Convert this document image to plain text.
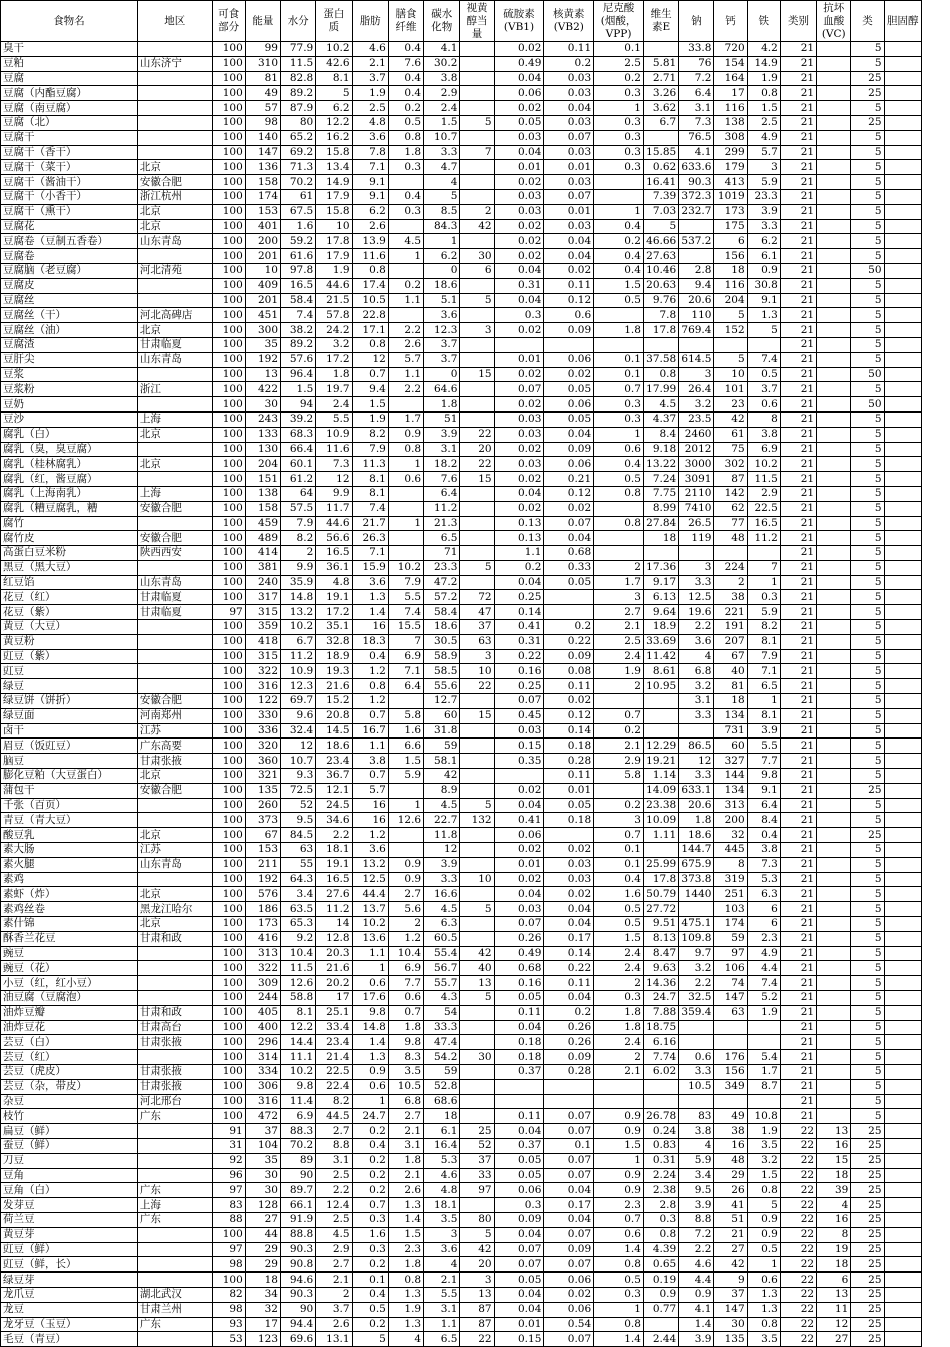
食物名	地区	可食部分	能量	水分	蛋白质	脂肪	膳食纤维	碳水化物	视黄醇当量	硫胺素(VB1)	核黄素(VB2)	尼克酸(烟酸，VPP)	维生素E	钠	钙	铁	类别	抗坏血酸(VC)	类	胆固醇
臭干		100	99	77.9	10.2	4.6	0.4	4.1		0.02	0.11	0.1		33.8	720	4.2	21		5	
豆粕	山东济宁	100	310	11.5	42.6	2.1	7.6	30.2		0.49	0.2	2.5	5.81	76	154	14.9	21		5	
豆腐		100	81	82.8	8.1	3.7	0.4	3.8		0.04	0.03	0.2	2.71	7.2	164	1.9	21		25	
豆腐（内酯豆腐）		100	49	89.2	5	1.9	0.4	2.9		0.06	0.03	0.3	3.26	6.4	17	0.8	21		25	
豆腐（南豆腐）		100	57	87.9	6.2	2.5	0.2	2.4		0.02	0.04	1	3.62	3.1	116	1.5	21		5	
豆腐（北）		100	98	80	12.2	4.8	0.5	1.5	5	0.05	0.03	0.3	6.7	7.3	138	2.5	21		25	
豆腐干		100	140	65.2	16.2	3.6	0.8	10.7		0.03	0.07	0.3		76.5	308	4.9	21		5	
豆腐干（香干）		100	147	69.2	15.8	7.8	1.8	3.3	7	0.04	0.03	0.3	15.85	4.1	299	5.7	21		5	
豆腐干（菜干）	北京	100	136	71.3	13.4	7.1	0.3	4.7		0.01	0.01	0.3	0.62	633.6	179	3	21		5	
豆腐干（酱油干）	安徽合肥	100	158	70.2	14.9	9.1		4		0.02	0.03		16.41	90.3	413	5.9	21		5	
豆腐干（小香干）	浙江杭州	100	174	61	17.9	9.1	0.4	5		0.03	0.07		7.39	372.3	1019	23.3	21		5	
豆腐干（熏干）	北京	100	153	67.5	15.8	6.2	0.3	8.5	2	0.03	0.01	1	7.03	232.7	173	3.9	21		5	
豆腐花	北京	100	401	1.6	10	2.6		84.3	42	0.02	0.03	0.4	5		175	3.3	21		5	
豆腐卷（豆制五香卷）	山东青岛	100	200	59.2	17.8	13.9	4.5	1		0.02	0.04	0.2	46.66	537.2	6	6.2	21		5	
豆腐卷		100	201	61.6	17.9	11.6	1	6.2	30	0.02	0.04	0.4	27.63		156	6.1	21		5	
豆腐脑（老豆腐）	河北清苑	100	10	97.8	1.9	0.8		0	6	0.04	0.02	0.4	10.46	2.8	18	0.9	21		50	
豆腐皮		100	409	16.5	44.6	17.4	0.2	18.6		0.31	0.11	1.5	20.63	9.4	116	30.8	21		5	
豆腐丝		100	201	58.4	21.5	10.5	1.1	5.1	5	0.04	0.12	0.5	9.76	20.6	204	9.1	21		5	
豆腐丝（干）	河北高碑店	100	451	7.4	57.8	22.8		3.6		0.3	0.6		7.8	110	5	1.3	21		5	
豆腐丝（油）	北京	100	300	38.2	24.2	17.1	2.2	12.3	3	0.02	0.09	1.8	17.8	769.4	152	5	21		5	
豆腐渣	甘肃临夏	100	35	89.2	3.2	0.8	2.6	3.7									21		5	
豆肝尖	山东青岛	100	192	57.6	17.2	12	5.7	3.7		0.01	0.06	0.1	37.58	614.5	5	7.4	21		5	
豆浆		100	13	96.4	1.8	0.7	1.1	0	15	0.02	0.02	0.1	0.8	3	10	0.5	21		50	
豆浆粉	浙江	100	422	1.5	19.7	9.4	2.2	64.6		0.07	0.05	0.7	17.99	26.4	101	3.7	21		5	
豆奶		100	30	94	2.4	1.5		1.8		0.02	0.06	0.3	4.5	3.2	23	0.6	21		50	
豆沙	上海	100	243	39.2	5.5	1.9	1.7	51		0.03	0.05	0.3	4.37	23.5	42	8	21		5	
腐乳（白）	北京	100	133	68.3	10.9	8.2	0.9	3.9	22	0.03	0.04	1	8.4	2460	61	3.8	21		5	
腐乳（臭，臭豆腐）		100	130	66.4	11.6	7.9	0.8	3.1	20	0.02	0.09	0.6	9.18	2012	75	6.9	21		5	
腐乳（桂林腐乳）	北京	100	204	60.1	7.3	11.3	1	18.2	22	0.03	0.06	0.4	13.22	3000	302	10.2	21		5	
腐乳（红，酱豆腐）		100	151	61.2	12	8.1	0.6	7.6	15	0.02	0.21	0.5	7.24	3091	87	11.5	21		5	
腐乳（上海南乳）	上海	100	138	64	9.9	8.1		6.4		0.04	0.12	0.8	7.75	2110	142	2.9	21		5	
腐乳（糟豆腐乳，糟	安徽合肥	100	158	57.5	11.7	7.4		11.2		0.02	0.02		8.99	7410	62	22.5	21		5	
腐竹		100	459	7.9	44.6	21.7	1	21.3		0.13	0.07	0.8	27.84	26.5	77	16.5	21		5	
腐竹皮	安徽合肥	100	489	8.2	56.6	26.3		6.5		0.13	0.04		18	119	48	11.2	21		5	
高蛋白豆米粉	陕西西安	100	414	2	16.5	7.1		71		1.1	0.68						21		5	
黑豆（黑大豆）		100	381	9.9	36.1	15.9	10.2	23.3	5	0.2	0.33	2	17.36	3	224	7	21		5	
红豆馅	山东青岛	100	240	35.9	4.8	3.6	7.9	47.2		0.04	0.05	1.7	9.17	3.3	2	1	21		5	
花豆（红）	甘肃临夏	100	317	14.8	19.1	1.3	5.5	57.2	72	0.25		3	6.13	12.5	38	0.3	21		5	
花豆（紫）	甘肃临夏	97	315	13.2	17.2	1.4	7.4	58.4	47	0.14		2.7	9.64	19.6	221	5.9	21		5	
黄豆（大豆）		100	359	10.2	35.1	16	15.5	18.6	37	0.41	0.2	2.1	18.9	2.2	191	8.2	21		5	
黄豆粉		100	418	6.7	32.8	18.3	7	30.5	63	0.31	0.22	2.5	33.69	3.6	207	8.1	21		5	
豇豆（紫）		100	315	11.2	18.9	0.4	6.9	58.9	3	0.22	0.09	2.4	11.42	4	67	7.9	21		5	
豇豆		100	322	10.9	19.3	1.2	7.1	58.5	10	0.16	0.08	1.9	8.61	6.8	40	7.1	21		5	
绿豆		100	316	12.3	21.6	0.8	6.4	55.6	22	0.25	0.11	2	10.95	3.2	81	6.5	21		5	
绿豆饼（饼折）	安徽合肥	100	122	69.7	15.2	1.2		12.7		0.07	0.02			3.1	18	1	21		5	
绿豆面	河南郑州	100	330	9.6	20.8	0.7	5.8	60	15	0.45	0.12	0.7		3.3	134	8.1	21		5	
卤干	江苏	100	336	32.4	14.5	16.7	1.6	31.8		0.03	0.14	0.2			731	3.9	21		5	
眉豆（饭豇豆）	广东高要	100	320	12	18.6	1.1	6.6	59		0.15	0.18	2.1	12.29	86.5	60	5.5	21		5	
脑豆	甘肃张掖	100	360	10.7	23.4	3.8	1.5	58.1		0.35	0.28	2.9	19.21	12	327	7.7	21		5	
膨化豆粕（大豆蛋白）	北京	100	321	9.3	36.7	0.7	5.9	42			0.11	5.8	1.14	3.3	144	9.8	21		5	
蒲包干	安徽合肥	100	135	72.5	12.1	5.7		8.9		0.02	0.01		14.09	633.1	134	9.1	21		25	
千张（百页）		100	260	52	24.5	16	1	4.5	5	0.04	0.05	0.2	23.38	20.6	313	6.4	21		5	
青豆（青大豆）		100	373	9.5	34.6	16	12.6	22.7	132	0.41	0.18	3	10.09	1.8	200	8.4	21		5	
酸豆乳	北京	100	67	84.5	2.2	1.2		11.8		0.06		0.7	1.11	18.6	32	0.4	21		25	
素大肠	江苏	100	153	63	18.1	3.6		12		0.02	0.02	0.1		144.7	445	3.8	21		5	
素火腿	山东青岛	100	211	55	19.1	13.2	0.9	3.9		0.01	0.03	0.1	25.99	675.9	8	7.3	21		5	
素鸡		100	192	64.3	16.5	12.5	0.9	3.3	10	0.02	0.03	0.4	17.8	373.8	319	5.3	21		5	
素虾（炸）	北京	100	576	3.4	27.6	44.4	2.7	16.6		0.04	0.02	1.6	50.79	1440	251	6.3	21		5	
素鸡丝卷	黑龙江哈尔	100	186	63.5	11.2	13.7	5.6	4.5	5	0.03	0.04	0.5	27.72		103	6	21		5	
素什锦	北京	100	173	65.3	14	10.2	2	6.3		0.07	0.04	0.5	9.51	475.1	174	6	21		5	
酥香兰花豆	甘肃和政	100	416	9.2	12.8	13.6	1.2	60.5		0.26	0.17	1.5	8.13	109.8	59	2.3	21		5	
豌豆		100	313	10.4	20.3	1.1	10.4	55.4	42	0.49	0.14	2.4	8.47	9.7	97	4.9	21		5	
豌豆（花）		100	322	11.5	21.6	1	6.9	56.7	40	0.68	0.22	2.4	9.63	3.2	106	4.4	21		5	
小豆（红，红小豆）		100	309	12.6	20.2	0.6	7.7	55.7	13	0.16	0.11	2	14.36	2.2	74	7.4	21		5	
油豆腐（豆腐泡）		100	244	58.8	17	17.6	0.6	4.3	5	0.05	0.04	0.3	24.7	32.5	147	5.2	21		5	
油炸豆瓣	甘肃和政	100	405	8.1	25.1	9.8	0.7	54		0.11	0.2	1.8	7.88	359.4	63	1.9	21		5	
油炸豆花	甘肃高台	100	400	12.2	33.4	14.8	1.8	33.3		0.04	0.26	1.8	18.75				21		5	
芸豆（白）	甘肃张掖	100	296	14.4	23.4	1.4	9.8	47.4		0.18	0.26	2.4	6.16				21		5	
芸豆（红）		100	314	11.1	21.4	1.3	8.3	54.2	30	0.18	0.09	2	7.74	0.6	176	5.4	21		5	
芸豆（虎皮）	甘肃张掖	100	334	10.2	22.5	0.9	3.5	59		0.37	0.28	2.1	6.02	3.3	156	1.7	21		5	
芸豆（杂，带皮）	甘肃张掖	100	306	9.8	22.4	0.6	10.5	52.8						10.5	349	8.7	21		5	
杂豆	河北邢台	100	316	11.4	8.2	1	6.8	68.6									21		5	
枝竹	广东	100	472	6.9	44.5	24.7	2.7	18		0.11	0.07	0.9	26.78	83	49	10.8	21		5	
扁豆（鲜）		91	37	88.3	2.7	0.2	2.1	6.1	25	0.04	0.07	0.9	0.24	3.8	38	1.9	22	13	25	
蚕豆（鲜）		31	104	70.2	8.8	0.4	3.1	16.4	52	0.37	0.1	1.5	0.83	4	16	3.5	22	16	25	
刀豆		92	35	89	3.1	0.2	1.8	5.3	37	0.05	0.07	1	0.31	5.9	48	3.2	22	15	25	
豆角		96	30	90	2.5	0.2	2.1	4.6	33	0.05	0.07	0.9	2.24	3.4	29	1.5	22	18	25	
豆角（白）	广东	97	30	89.7	2.2	0.2	2.6	4.8	97	0.06	0.04	0.9	2.38	9.5	26	0.8	22	39	25	
发芽豆	上海	83	128	66.1	12.4	0.7	1.3	18.1		0.3	0.17	2.3	2.8	3.9	41	5	22	4	25	
荷兰豆	广东	88	27	91.9	2.5	0.3	1.4	3.5	80	0.09	0.04	0.7	0.3	8.8	51	0.9	22	16	25	
黄豆芽		100	44	88.8	4.5	1.6	1.5	3	5	0.04	0.07	0.6	0.8	7.2	21	0.9	22	8	25	
豇豆（鲜）		97	29	90.3	2.9	0.3	2.3	3.6	42	0.07	0.09	1.4	4.39	2.2	27	0.5	22	19	25	
豇豆（鲜，长）		98	29	90.8	2.7	0.2	1.8	4	20	0.07	0.07	0.8	0.65	4.6	42	1	22	18	25	
绿豆芽		100	18	94.6	2.1	0.1	0.8	2.1	3	0.05	0.06	0.5	0.19	4.4	9	0.6	22	6	25	
龙爪豆	湖北武汉	82	34	90.3	2	0.4	1.3	5.5	13	0.04	0.02	0.3	0.9	0.9	37	1.3	22	13	25	
龙豆	甘肃兰州	98	32	90	3.7	0.5	1.9	3.1	87	0.04	0.06	1	0.77	4.1	147	1.3	22	11	25	
龙牙豆（玉豆）	广东	93	17	94.4	2.6	0.2	1.3	1.1	87	0.01	0.54	0.8		1.4	30	0.8	22	12	25	
毛豆（青豆）		53	123	69.6	13.1	5	4	6.5	22	0.15	0.07	1.4	2.44	3.9	135	3.5	22	27	25	
